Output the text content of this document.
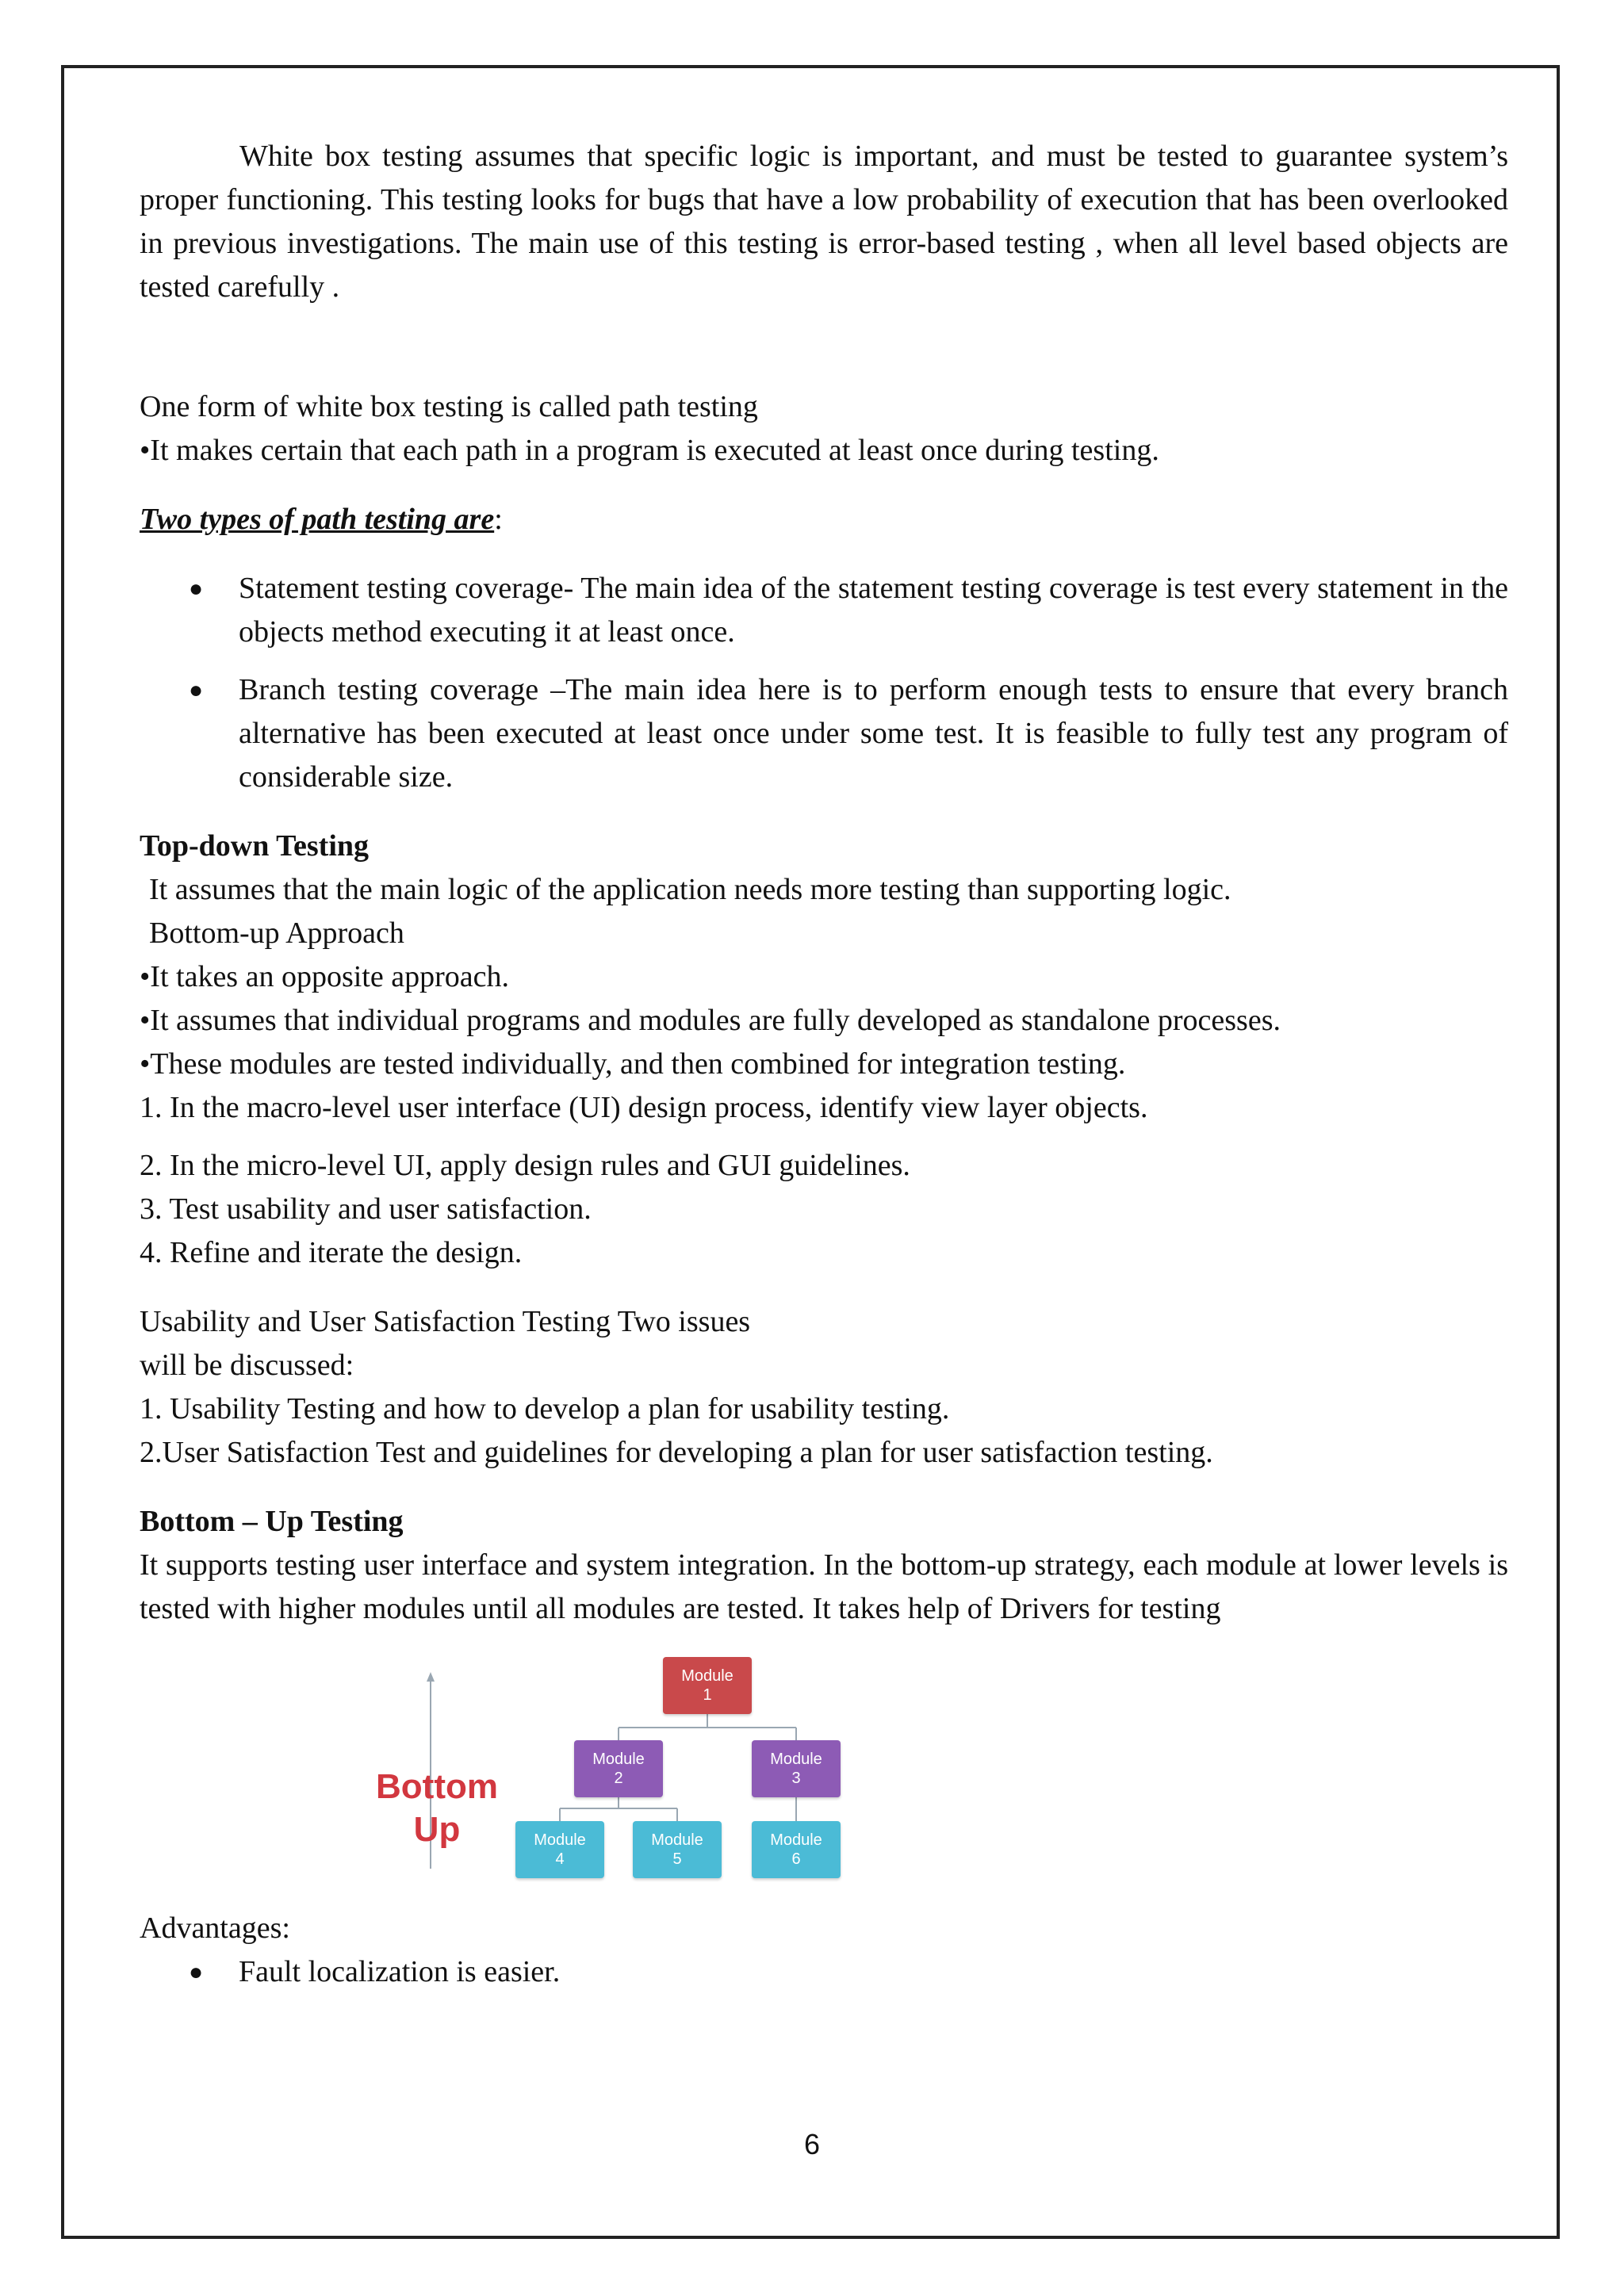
White box testing assumes that specific logic is important, and must be tested to guarantee system’s proper functioning. This testing looks for bugs that have a low probability of execution that has been overlooked in previous investigations. The main use of this testing is error-based testing , when all level based objects are tested carefully .

One form of white box testing is called path testing

•It makes certain that each path in a program is executed at least once during testing.

Two types of path testing are:

● Statement testing coverage- The main idea of the statement testing coverage is test every statement in the objects method executing it at least once.
● Branch testing coverage –The main idea here is to perform enough tests to ensure that every branch alternative has been executed at least once under some test. It is feasible to fully test any program of considerable size.

Top-down Testing

It assumes that the main logic of the application needs more testing than supporting logic.

Bottom-up Approach

•It takes an opposite approach.

•It assumes that individual programs and modules are fully developed as standalone processes.

•These modules are tested individually, and then combined for integration testing.

1. In the macro-level user interface (UI) design process, identify view layer objects.

2. In the micro-level UI, apply design rules and GUI guidelines.

3. Test usability and user satisfaction.

4. Refine and iterate the design.

Usability and User Satisfaction Testing Two issues

will be discussed:

1. Usability Testing and how to develop a plan for usability testing.

2.User Satisfaction Test and guidelines for developing a plan for user satisfaction testing.

Bottom – Up Testing

It supports testing user interface and system integration. In the bottom-up strategy, each module at lower levels is tested with higher modules until all modules are tested. It takes help of Drivers for testing

Module
1
Module
2
Module
3
Module
4
Module
5
Module
6
Bottom
Up

Advantages:

● Fault localization is easier.
6
